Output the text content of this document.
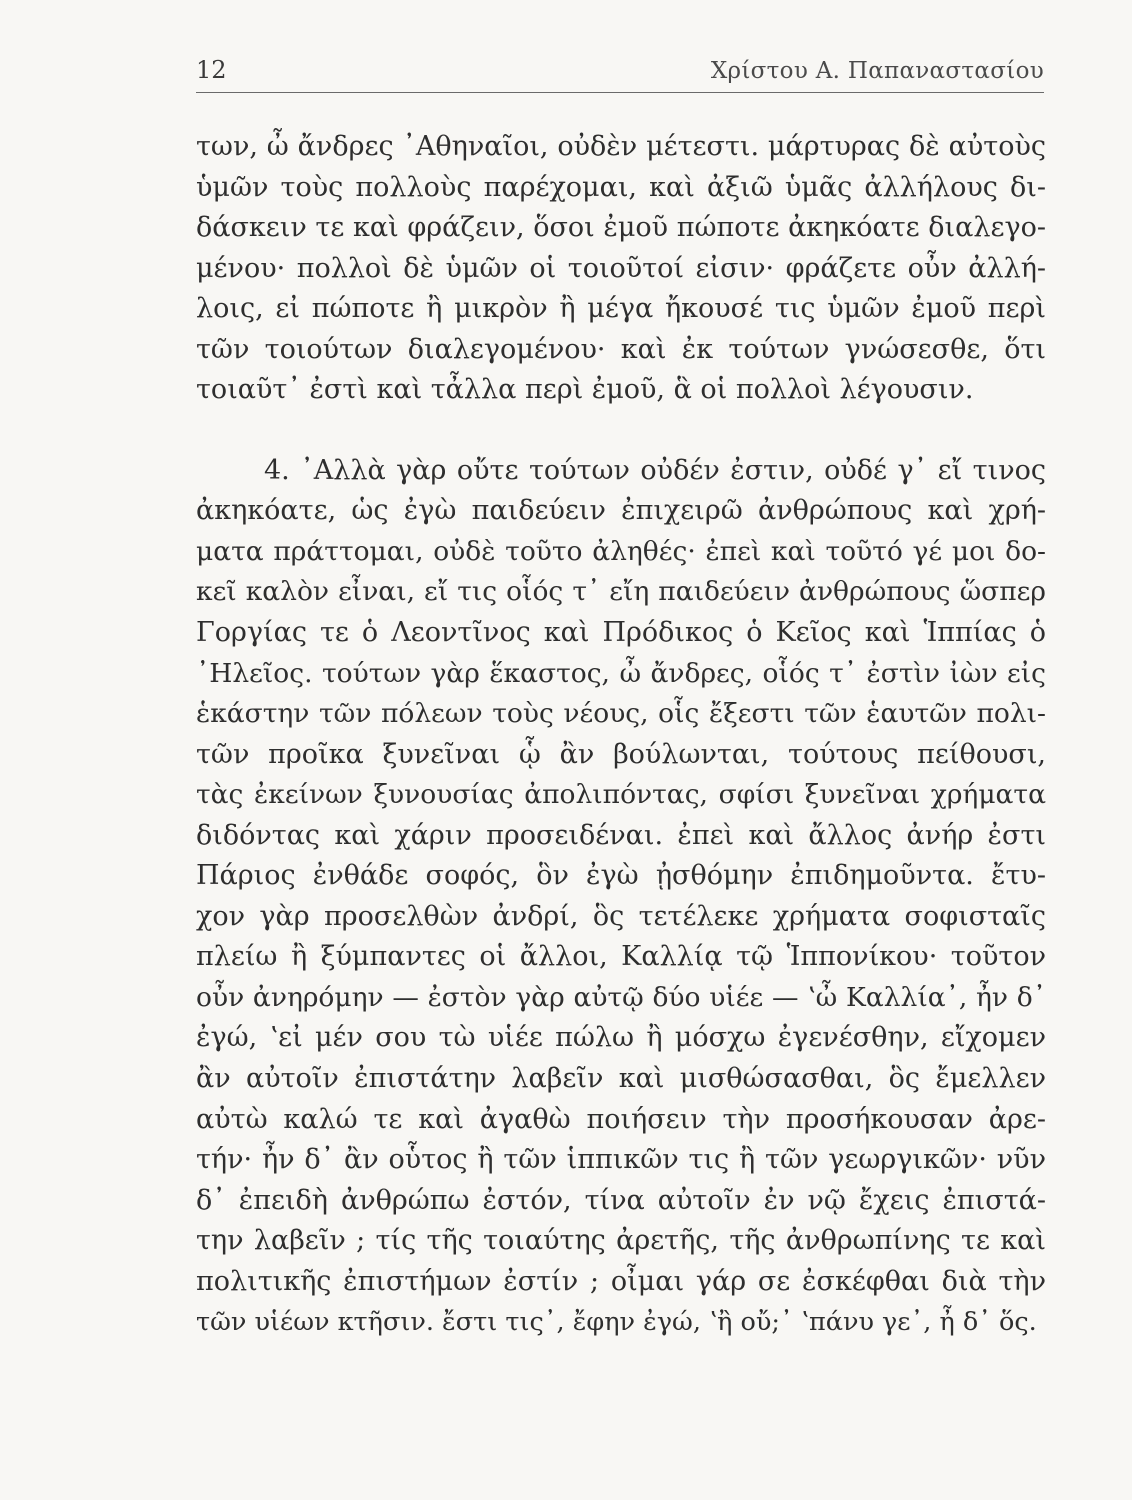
12	Χρίστου Α. Παπαναστασίου
των, ὦ ἄνδρες ᾿Αθηναῖοι, οὐδὲν μέτεστι. μάρτυρας δὲ αὐτοὺς
ὑμῶν τοὺς πολλοὺς παρέχομαι, καὶ ἀξιῶ ὑμᾶς ἀλλήλους δι-
δάσκειν τε καὶ φράζειν, ὅσοι ἐμοῦ πώποτε ἀκηκόατε διαλεγο-
μένου· πολλοὶ δὲ ὑμῶν οἱ τοιοῦτοί εἰσιν· φράζετε οὖν ἀλλή-
λοις, εἰ πώποτε ἢ μικρὸν ἢ μέγα ἤκουσέ τις ὑμῶν ἐμοῦ περὶ
τῶν τοιούτων διαλεγομένου· καὶ ἐκ τούτων γνώσεσθε, ὅτι
τοιαῦτ᾿ ἐστὶ καὶ τἆλλα περὶ ἐμοῦ, ἃ οἱ πολλοὶ λέγουσιν.
4. ᾿Αλλὰ γὰρ οὔτε τούτων οὐδέν ἐστιν, οὐδέ γ᾿ εἴ τινος
ἀκηκόατε, ὡς ἐγὼ παιδεύειν ἐπιχειρῶ ἀνθρώπους καὶ χρή-
ματα πράττομαι, οὐδὲ τοῦτο ἀληθές· ἐπεὶ καὶ τοῦτό γέ μοι δο-
κεῖ καλὸν εἶναι, εἴ τις οἷός τ᾿ εἴη παιδεύειν ἀνθρώπους ὥσπερ
Γοργίας τε ὁ Λεοντῖνος καὶ Πρόδικος ὁ Κεῖος καὶ Ἱππίας ὁ
᾿Ηλεῖος. τούτων γὰρ ἕκαστος, ὦ ἄνδρες, οἷός τ᾿ ἐστὶν ἰὼν εἰς
ἑκάστην τῶν πόλεων τοὺς νέους, οἷς ἔξεστι τῶν ἑαυτῶν πολι-
τῶν προῖκα ξυνεῖναι ᾧ ἂν βούλωνται, τούτους πείθουσι,
τὰς ἐκείνων ξυνουσίας ἀπολιπόντας, σφίσι ξυνεῖναι χρήματα
διδόντας καὶ χάριν προσειδέναι. ἐπεὶ καὶ ἄλλος ἀνήρ ἐστι
Πάριος ἐνθάδε σοφός, ὃν ἐγὼ ᾐσθόμην ἐπιδημοῦντα. ἔτυ-
χον γὰρ προσελθὼν ἀνδρί, ὃς τετέλεκε χρήματα σοφισταῖς
πλείω ἢ ξύμπαντες οἱ ἄλλοι, Καλλίᾳ τῷ Ἱππονίκου· τοῦτον
οὖν ἀνηρόμην — ἐστὸν γὰρ αὐτῷ δύο υἱέε — ʽὦ Καλλία᾿, ἦν δ᾿
ἐγώ, ʽεἰ μέν σου τὼ υἱέε πώλω ἢ μόσχω ἐγενέσθην, εἴχομεν
ἂν αὐτοῖν ἐπιστάτην λαβεῖν καὶ μισθώσασθαι, ὃς ἔμελλεν
αὐτὼ καλώ τε καὶ ἀγαθὼ ποιήσειν τὴν προσήκουσαν ἀρε-
τήν· ἦν δ᾿ ἂν οὗτος ἢ τῶν ἱππικῶν τις ἢ τῶν γεωργικῶν· νῦν
δ᾿ ἐπειδὴ ἀνθρώπω ἐστόν, τίνα αὐτοῖν ἐν νῷ ἔχεις ἐπιστά-
την λαβεῖν ; τίς τῆς τοιαύτης ἀρετῆς, τῆς ἀνθρωπίνης τε καὶ
πολιτικῆς ἐπιστήμων ἐστίν ; οἶμαι γάρ σε ἐσκέφθαι διὰ τὴν
τῶν υἱέων κτῆσιν. ἔστι τις᾿, ἔφην ἐγώ, ʽἢ οὔ;᾿ ʽπάνυ γε᾿, ἦ δ᾿ ὅς.
